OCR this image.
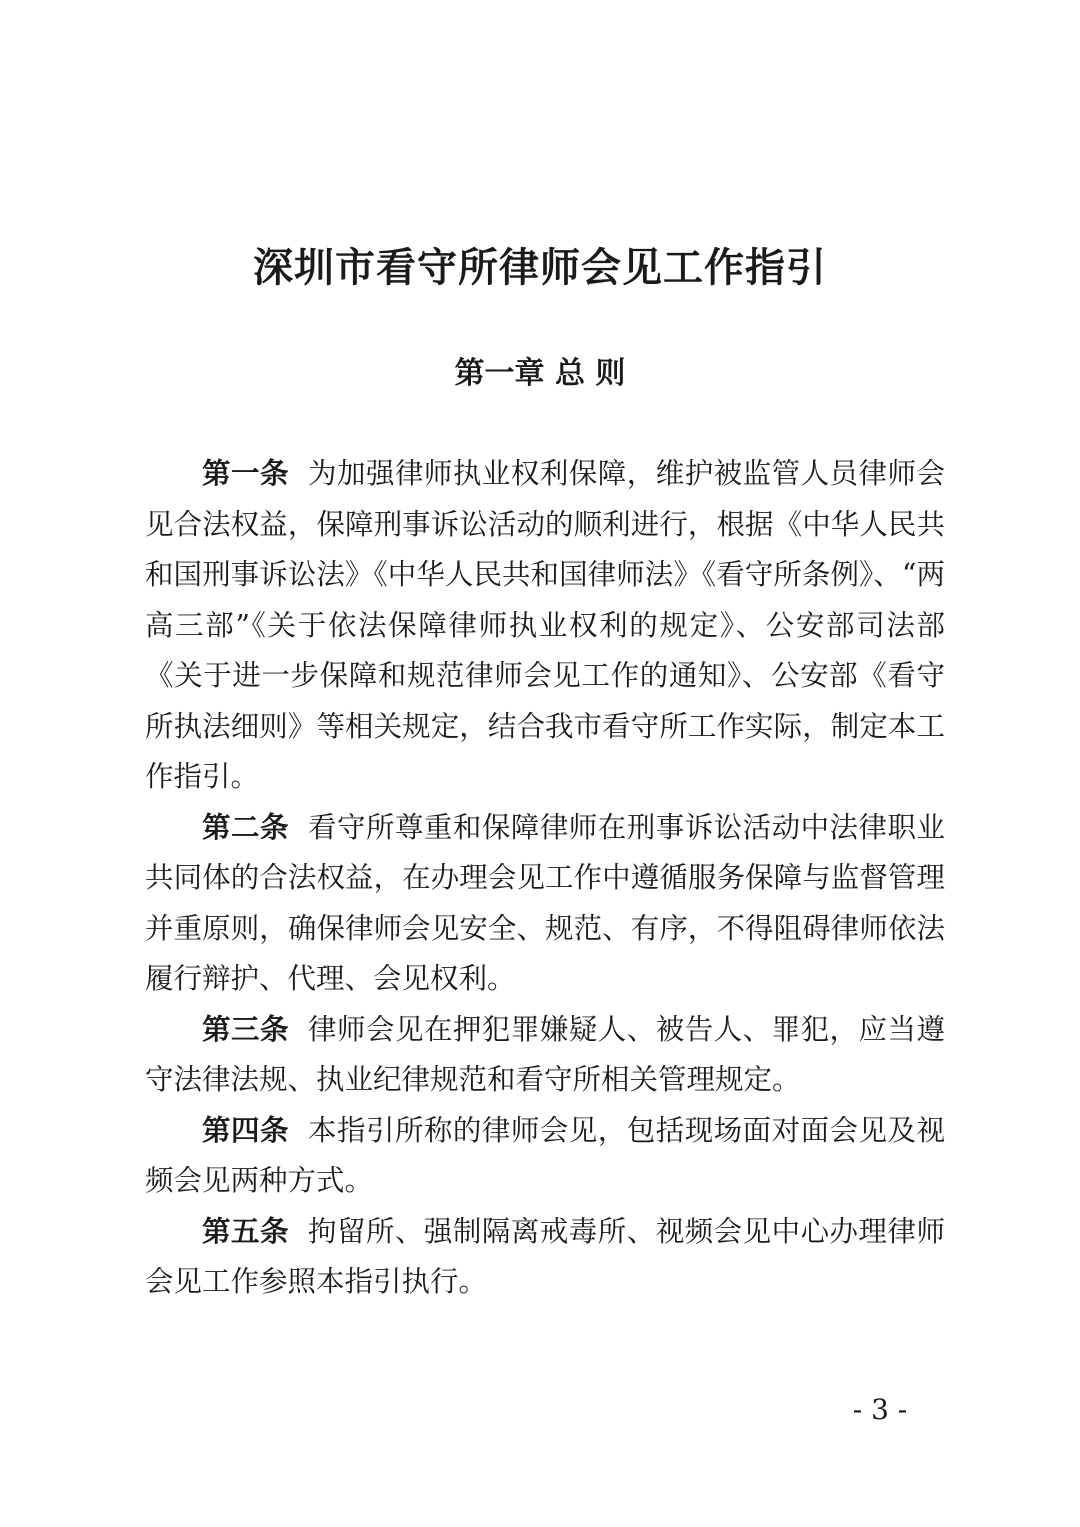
深圳市看守所律师会见工作指引
第一章 总 则

第一条 为加强律师执业权利保障，维护被监管人员律师会见合法权益，保障刑事诉讼活动的顺利进行，根据《中华人民共和国刑事诉讼法》《中华人民共和国律师法》《看守所条例》、“两高三部”《关于依法保障律师执业权利的规定》、公安部司法部《关于进一步保障和规范律师会见工作的通知》、公安部《看守所执法细则》等相关规定，结合我市看守所工作实际，制定本工作指引。

第二条 看守所尊重和保障律师在刑事诉讼活动中法律职业共同体的合法权益，在办理会见工作中遵循服务保障与监督管理并重原则，确保律师会见安全、规范、有序，不得阻碍律师依法履行辩护、代理、会见权利。

第三条 律师会见在押犯罪嫌疑人、被告人、罪犯，应当遵守法律法规、执业纪律规范和看守所相关管理规定。

第四条 本指引所称的律师会见，包括现场面对面会见及视频会见两种方式。

第五条 拘留所、强制隔离戒毒所、视频会见中心办理律师会见工作参照本指引执行。

- 3 -
